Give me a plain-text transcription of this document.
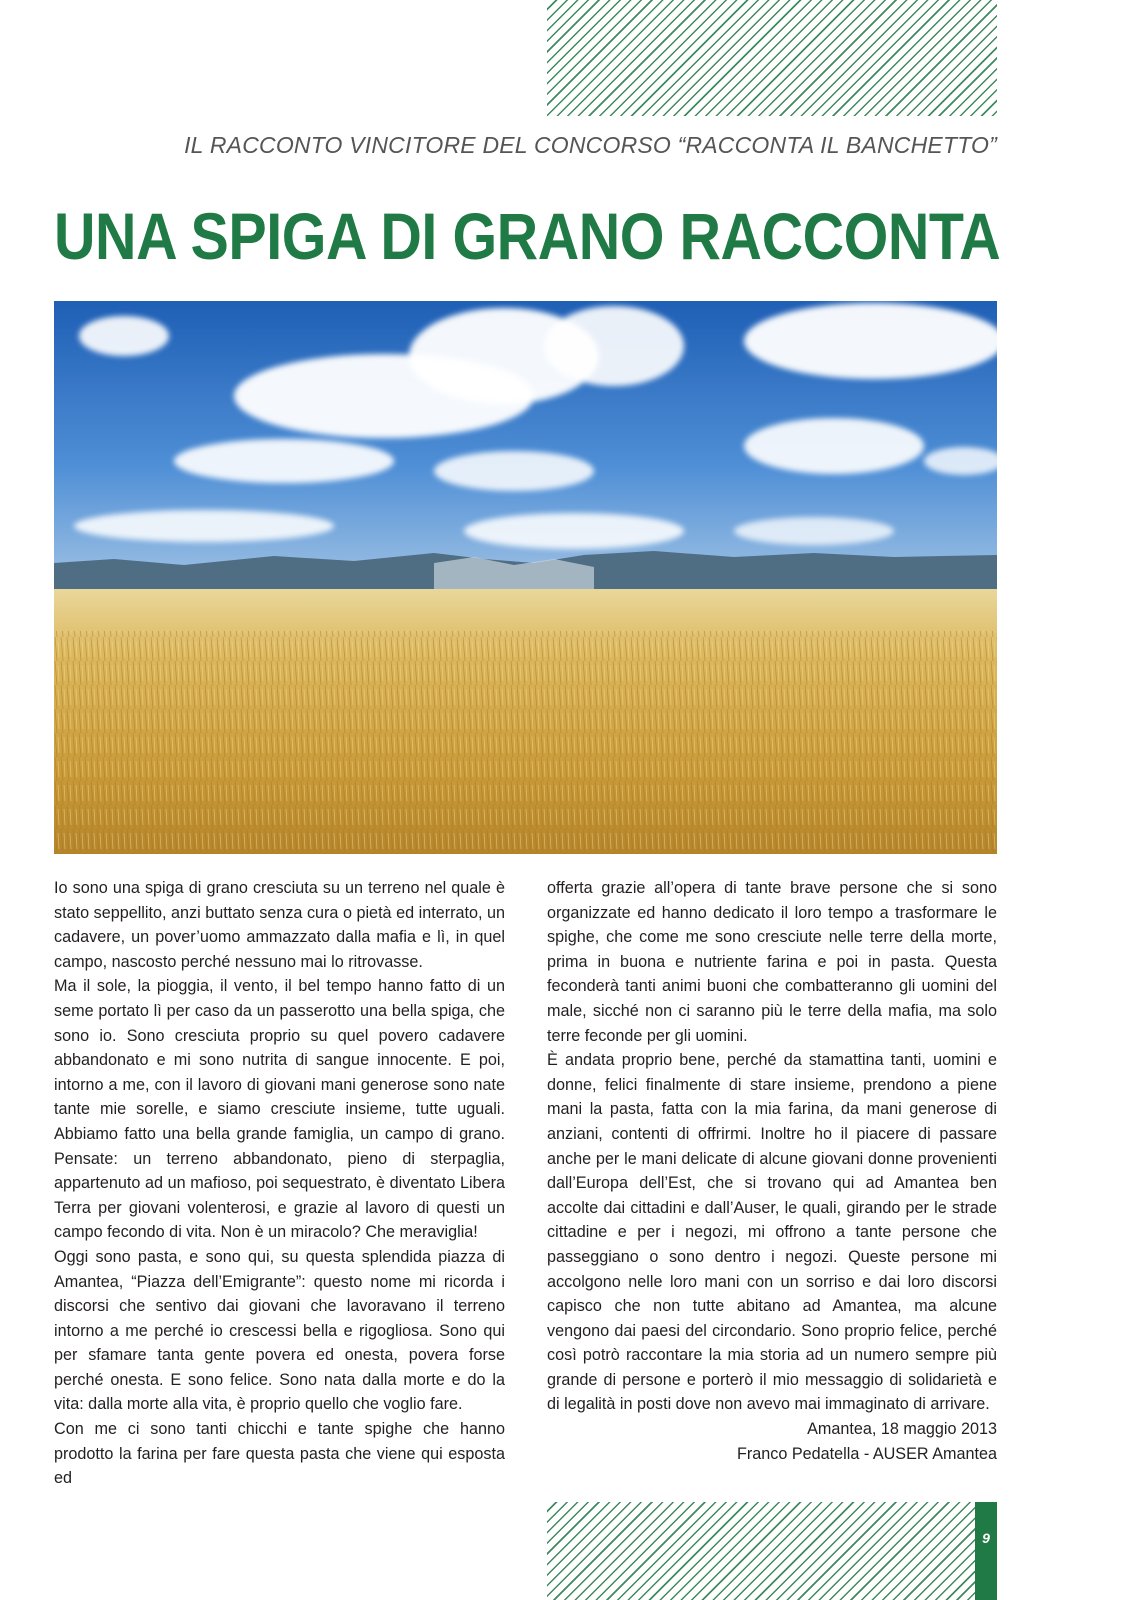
IL RACCONTO VINCITORE DEL CONCORSO “RACCONTA IL BANCHETTO”
UNA SPIGA DI GRANO RACCONTA

Io sono una spiga di grano cresciuta su un terreno nel quale è stato seppellito, anzi buttato senza cura o pietà ed interrato, un cadavere, un pover’uomo ammazzato dalla mafia e lì, in quel campo, nascosto perché nessuno mai lo ritrovasse.

Ma il sole, la pioggia, il vento, il bel tempo hanno fatto di un seme portato lì per caso da un passerotto una bella spiga, che sono io. Sono cresciuta proprio su quel povero cadavere abbandonato e mi sono nutrita di sangue innocente. E poi, intorno a me, con il lavoro di giovani mani generose sono nate tante mie sorelle, e siamo cresciute insieme, tutte uguali. Abbiamo fatto una bella grande famiglia, un campo di grano. Pensate: un terreno abbandonato, pieno di sterpaglia, appartenuto ad un mafioso, poi sequestrato, è diventato Libera Terra per giovani volenterosi, e grazie al lavoro di questi un campo fecondo di vita. Non è un miracolo? Che meraviglia!

Oggi sono pasta, e sono qui, su questa splendida piazza di Amantea, “Piazza dell’Emigrante”: questo nome mi ricorda i discorsi che sentivo dai giovani che lavoravano il terreno intorno a me perché io crescessi bella e rigogliosa. Sono qui per sfamare tanta gente povera ed onesta, povera forse perché onesta. E sono felice. Sono nata dalla morte e do la vita: dalla morte alla vita, è proprio quello che voglio fare.

Con me ci sono tanti chicchi e tante spighe che hanno prodotto la farina per fare questa pasta che viene qui esposta ed

offerta grazie all’opera di tante brave persone che si sono organizzate ed hanno dedicato il loro tempo a trasformare le spighe, che come me sono cresciute nelle terre della morte, prima in buona e nutriente farina e poi in pasta. Questa feconderà tanti animi buoni che combatteranno gli uomini del male, sicché non ci saranno più le terre della mafia, ma solo terre feconde per gli uomini.

È andata proprio bene, perché da stamattina tanti, uomini e donne, felici finalmente di stare insieme, prendono a piene mani la pasta, fatta con la mia farina, da mani generose di anziani, contenti di offrirmi. Inoltre ho il piacere di passare anche per le mani delicate di alcune giovani donne provenienti dall’Europa dell’Est, che si trovano qui ad Amantea ben accolte dai cittadini e dall’Auser, le quali, girando per le strade cittadine e per i negozi, mi offrono a tante persone che passeggiano o sono dentro i negozi. Queste persone mi accolgono nelle loro mani con un sorriso e dai loro discorsi capisco che non tutte abitano ad Amantea, ma alcune vengono dai paesi del circondario. Sono proprio felice, perché così potrò raccontare la mia storia ad un numero sempre più grande di persone e porterò il mio messaggio di solidarietà e di legalità in posti dove non avevo mai immaginato di arrivare.

Amantea, 18 maggio 2013

Franco Pedatella - AUSER Amantea

9
